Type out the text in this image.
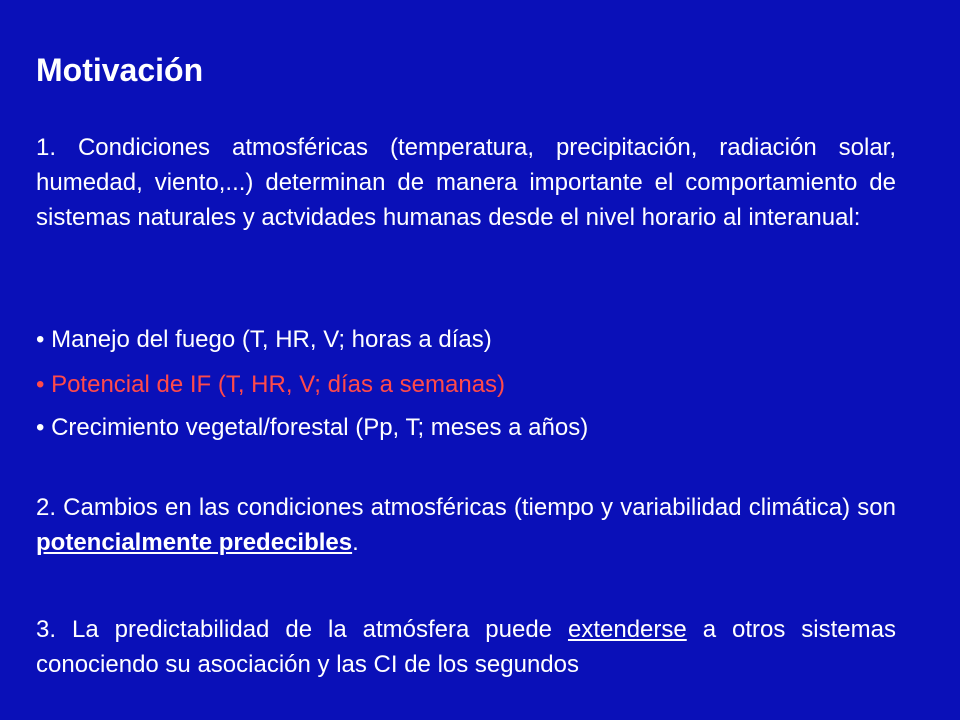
Motivación

1. Condiciones atmosféricas (temperatura, precipitación, radiación solar, humedad, viento,...) determinan de manera importante el comportamiento de sistemas naturales y actvidades humanas desde el nivel horario al interanual:

• Manejo del fuego (T, HR, V; horas a días)

• Potencial de IF (T, HR, V; días a semanas)

• Crecimiento vegetal/forestal (Pp, T; meses a años)

2. Cambios en las condiciones atmosféricas (tiempo y variabilidad climática) son potencialmente predecibles.

3. La predictabilidad de la atmósfera puede extenderse a otros sistemas conociendo su asociación y las CI de los segundos
